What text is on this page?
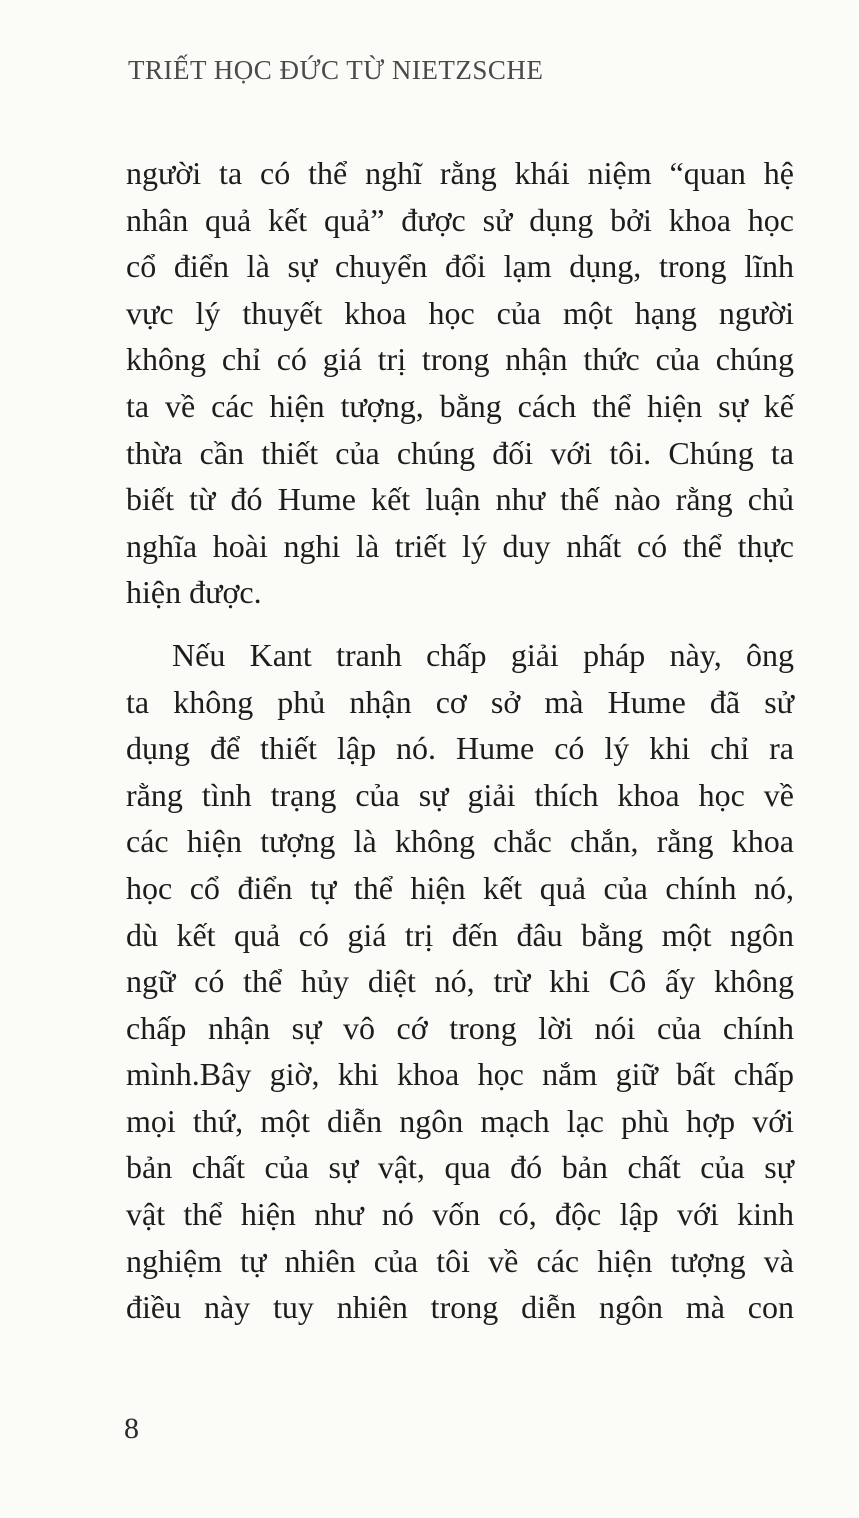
TRIẾT HỌC ĐỨC TỪ NIETZSCHE
người ta có thể nghĩ rằng khái niệm “quan hệ
nhân quả kết quả” được sử dụng bởi khoa học
cổ điển là sự chuyển đổi lạm dụng, trong lĩnh
vực lý thuyết khoa học của một hạng người
không chỉ có giá trị trong nhận thức của chúng
ta về các hiện tượng, bằng cách thể hiện sự kế
thừa cần thiết của chúng đối với tôi. Chúng ta
biết từ đó Hume kết luận như thế nào rằng chủ
nghĩa hoài nghi là triết lý duy nhất có thể thực
hiện được.
Nếu Kant tranh chấp giải pháp này, ông
ta không phủ nhận cơ sở mà Hume đã sử
dụng để thiết lập nó. Hume có lý khi chỉ ra
rằng tình trạng của sự giải thích khoa học về
các hiện tượng là không chắc chắn, rằng khoa
học cổ điển tự thể hiện kết quả của chính nó,
dù kết quả có giá trị đến đâu bằng một ngôn
ngữ có thể hủy diệt nó, trừ khi Cô ấy không
chấp nhận sự vô cớ trong lời nói của chính
mình.Bây giờ, khi khoa học nắm giữ bất chấp
mọi thứ, một diễn ngôn mạch lạc phù hợp với
bản chất của sự vật, qua đó bản chất của sự
vật thể hiện như nó vốn có, độc lập với kinh
nghiệm tự nhiên của tôi về các hiện tượng và
điều này tuy nhiên trong diễn ngôn mà con
8
